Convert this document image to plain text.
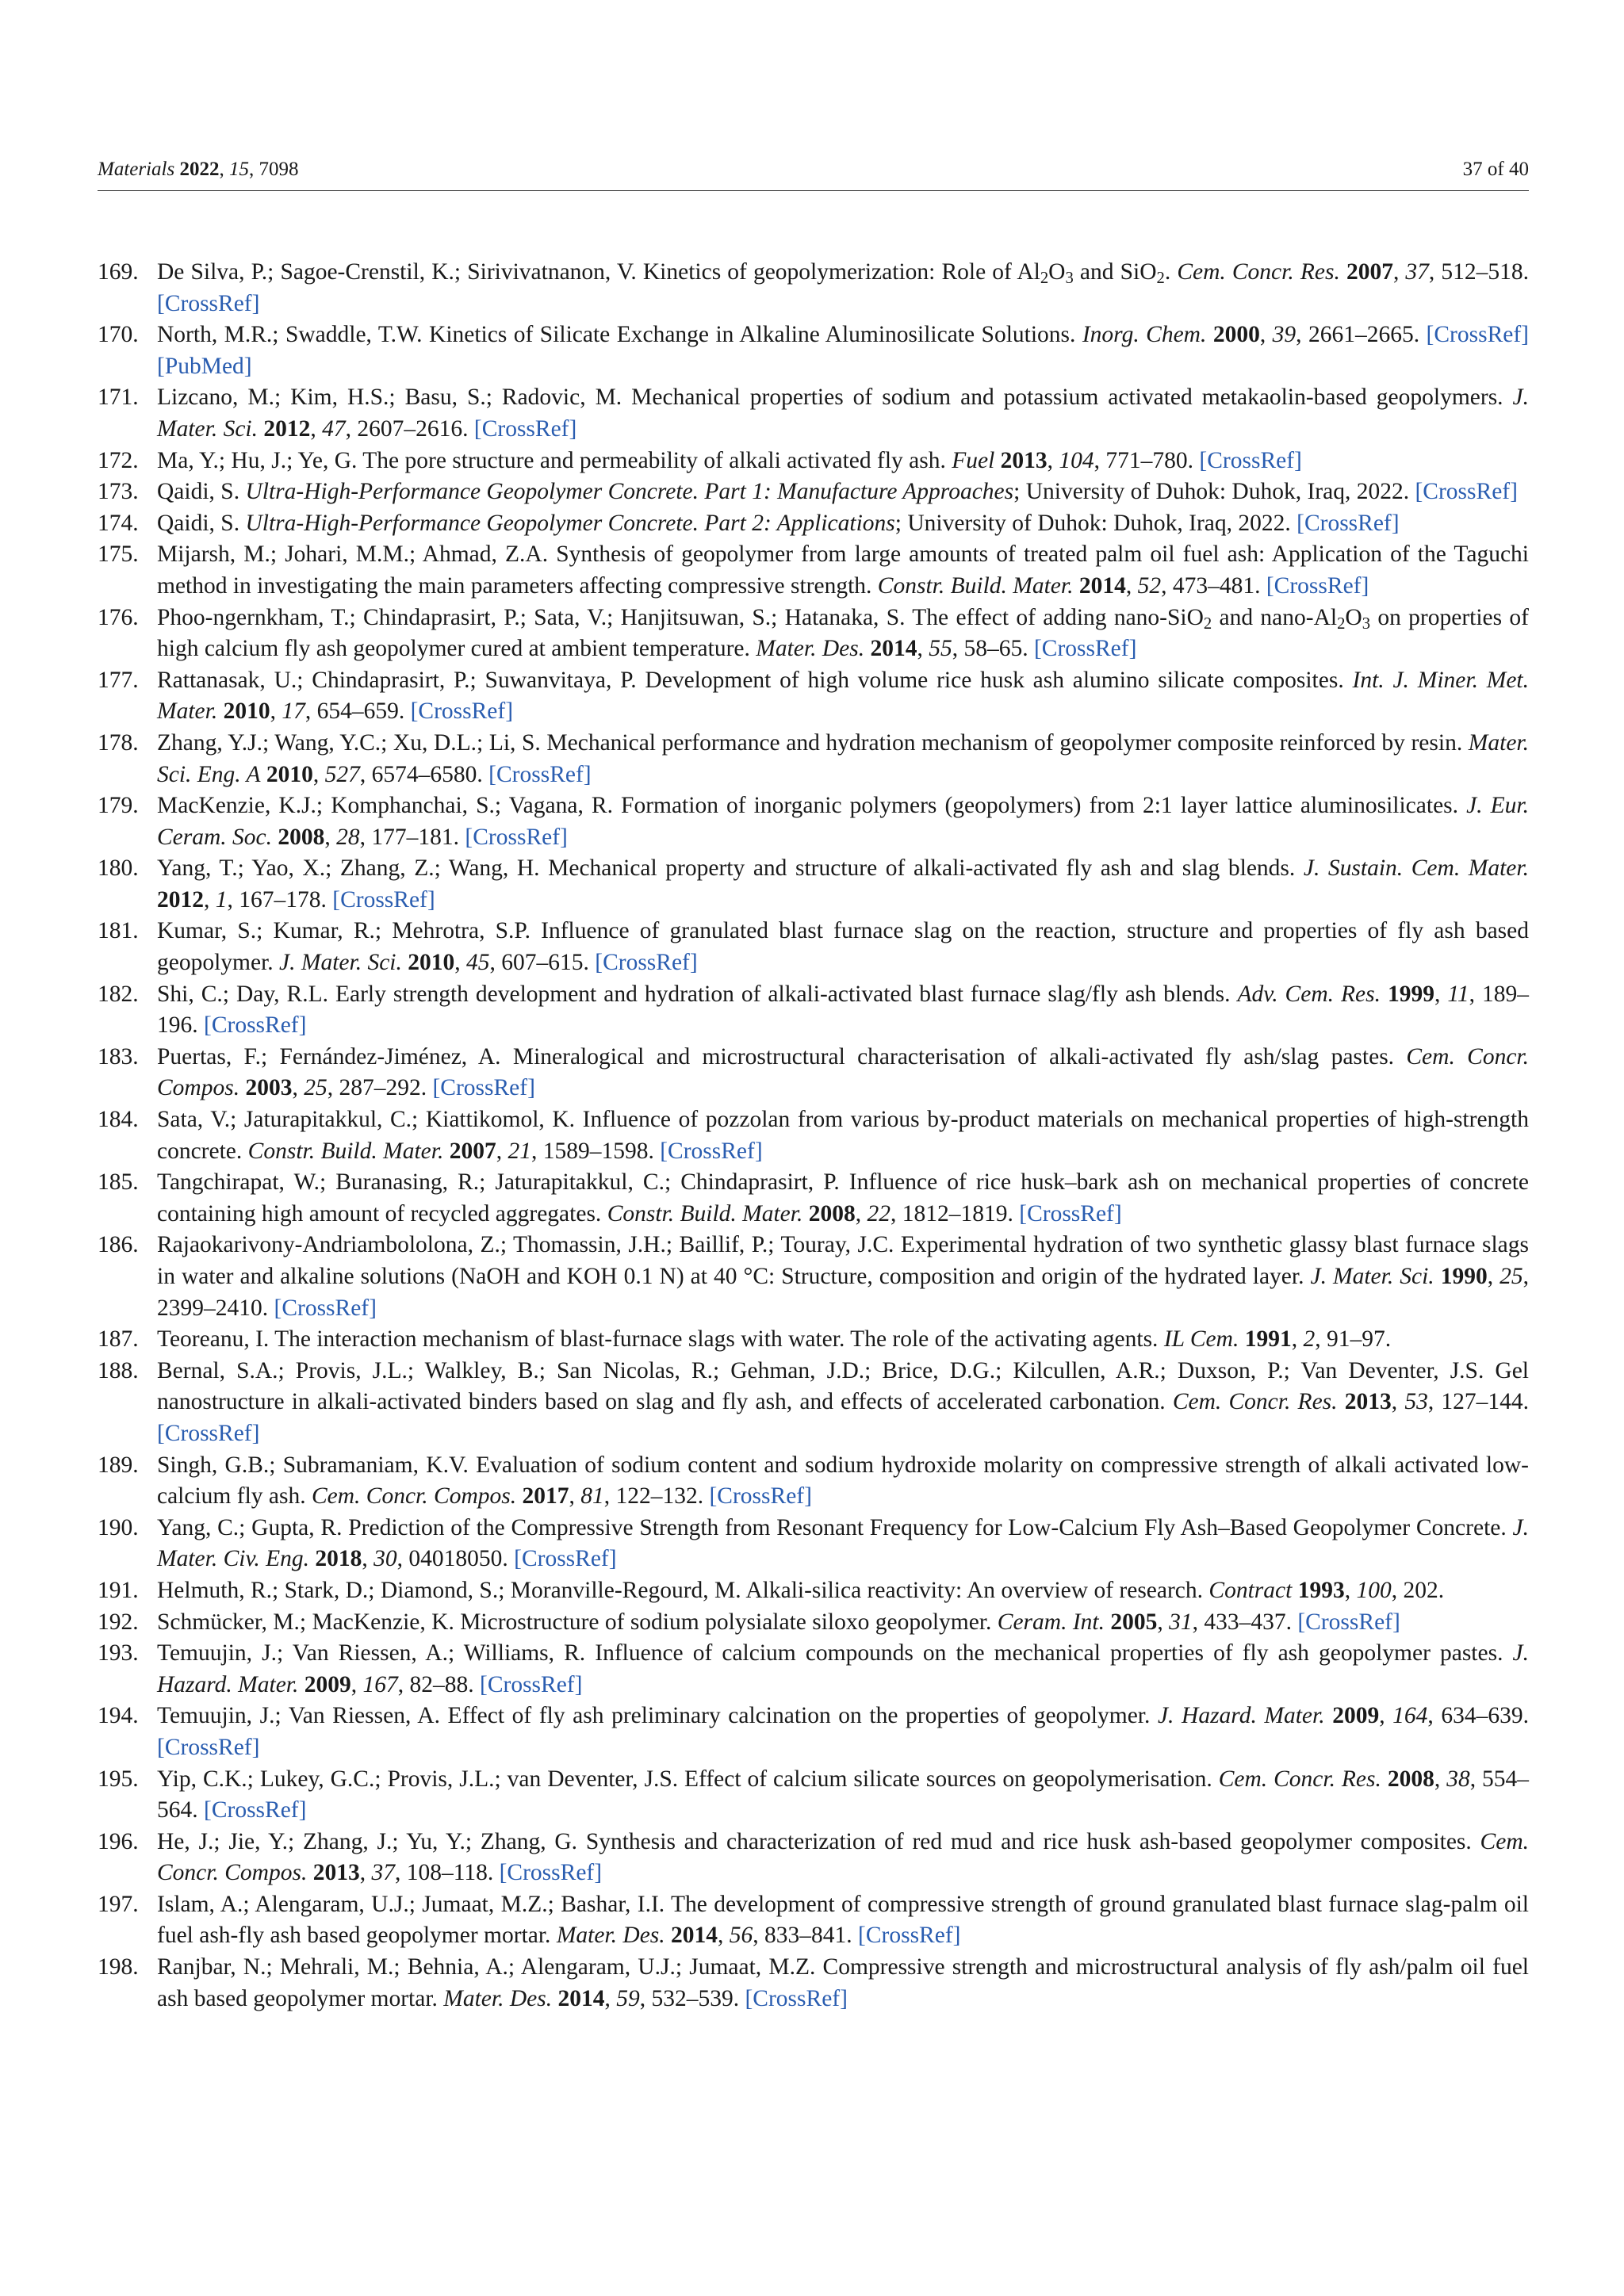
Materials 2022, 15, 7098	37 of 40

169. De Silva, P.; Sagoe-Crenstil, K.; Sirivivatnanon, V. Kinetics of geopolymerization: Role of $Al_2O_3$ and SiO$_2$. Cem. Concr. Res. 2007, 37, 512–518. [CrossRef]

170. North, M.R.; Swaddle, T.W. Kinetics of Silicate Exchange in Alkaline Aluminosilicate Solutions. Inorg. Chem. 2000, 39, 2661–2665. [CrossRef] [PubMed]

171. Lizcano, M.; Kim, H.S.; Basu, S.; Radovic, M. Mechanical properties of sodium and potassium activated metakaolin-based geopolymers. J. Mater. Sci. 2012, 47, 2607–2616. [CrossRef]

172. Ma, Y.; Hu, J.; Ye, G. The pore structure and permeability of alkali activated fly ash. Fuel 2013, 104, 771–780. [CrossRef]

173. Qaidi, S. Ultra-High-Performance Geopolymer Concrete. Part 1: Manufacture Approaches; University of Duhok: Duhok, Iraq, 2022. [CrossRef]

174. Qaidi, S. Ultra-High-Performance Geopolymer Concrete. Part 2: Applications; University of Duhok: Duhok, Iraq, 2022. [CrossRef]

175. Mijarsh, M.; Johari, M.M.; Ahmad, Z.A. Synthesis of geopolymer from large amounts of treated palm oil fuel ash: Application of the Taguchi method in investigating the main parameters affecting compressive strength. Constr. Build. Mater. 2014, 52, 473–481. [CrossRef]

176. Phoo-ngernkham, T.; Chindaprasirt, P.; Sata, V.; Hanjitsuwan, S.; Hatanaka, S. The effect of adding nano-SiO$_2$ and nano-$Al_2O_3$ on properties of high calcium fly ash geopolymer cured at ambient temperature. Mater. Des. 2014, 55, 58–65. [CrossRef]

177. Rattanasak, U.; Chindaprasirt, P.; Suwanvitaya, P. Development of high volume rice husk ash alumino silicate composites. Int. J. Miner. Met. Mater. 2010, 17, 654–659. [CrossRef]

178. Zhang, Y.J.; Wang, Y.C.; Xu, D.L.; Li, S. Mechanical performance and hydration mechanism of geopolymer composite reinforced by resin. Mater. Sci. Eng. A 2010, 527, 6574–6580. [CrossRef]

179. MacKenzie, K.J.; Komphanchai, S.; Vagana, R. Formation of inorganic polymers (geopolymers) from 2:1 layer lattice aluminosilicates. J. Eur. Ceram. Soc. 2008, 28, 177–181. [CrossRef]

180. Yang, T.; Yao, X.; Zhang, Z.; Wang, H. Mechanical property and structure of alkali-activated fly ash and slag blends. J. Sustain. Cem. Mater. 2012, 1, 167–178. [CrossRef]

181. Kumar, S.; Kumar, R.; Mehrotra, S.P. Influence of granulated blast furnace slag on the reaction, structure and properties of fly ash based geopolymer. J. Mater. Sci. 2010, 45, 607–615. [CrossRef]

182. Shi, C.; Day, R.L. Early strength development and hydration of alkali-activated blast furnace slag/fly ash blends. Adv. Cem. Res. 1999, 11, 189–196. [CrossRef]

183. Puertas, F.; Fernández-Jiménez, A. Mineralogical and microstructural characterisation of alkali-activated fly ash/slag pastes. Cem. Concr. Compos. 2003, 25, 287–292. [CrossRef]

184. Sata, V.; Jaturapitakkul, C.; Kiattikomol, K. Influence of pozzolan from various by-product materials on mechanical properties of high-strength concrete. Constr. Build. Mater. 2007, 21, 1589–1598. [CrossRef]

185. Tangchirapat, W.; Buranasing, R.; Jaturapitakkul, C.; Chindaprasirt, P. Influence of rice husk–bark ash on mechanical properties of concrete containing high amount of recycled aggregates. Constr. Build. Mater. 2008, 22, 1812–1819. [CrossRef]

186. Rajaokarivony-Andriambololona, Z.; Thomassin, J.H.; Baillif, P.; Touray, J.C. Experimental hydration of two synthetic glassy blast furnace slags in water and alkaline solutions (NaOH and KOH 0.1 N) at 40 °C: Structure, composition and origin of the hydrated layer. J. Mater. Sci. 1990, 25, 2399–2410. [CrossRef]

187. Teoreanu, I. The interaction mechanism of blast-furnace slags with water. The role of the activating agents. IL Cem. 1991, 2, 91–97.

188. Bernal, S.A.; Provis, J.L.; Walkley, B.; San Nicolas, R.; Gehman, J.D.; Brice, D.G.; Kilcullen, A.R.; Duxson, P.; Van Deventer, J.S. Gel nanostructure in alkali-activated binders based on slag and fly ash, and effects of accelerated carbonation. Cem. Concr. Res. 2013, 53, 127–144. [CrossRef]

189. Singh, G.B.; Subramaniam, K.V. Evaluation of sodium content and sodium hydroxide molarity on compressive strength of alkali activated low-calcium fly ash. Cem. Concr. Compos. 2017, 81, 122–132. [CrossRef]

190. Yang, C.; Gupta, R. Prediction of the Compressive Strength from Resonant Frequency for Low-Calcium Fly Ash–Based Geopolymer Concrete. J. Mater. Civ. Eng. 2018, 30, 04018050. [CrossRef]

191. Helmuth, R.; Stark, D.; Diamond, S.; Moranville-Regourd, M. Alkali-silica reactivity: An overview of research. Contract 1993, 100, 202.

192. Schmücker, M.; MacKenzie, K. Microstructure of sodium polysialate siloxo geopolymer. Ceram. Int. 2005, 31, 433–437. [CrossRef]

193. Temuujin, J.; Van Riessen, A.; Williams, R. Influence of calcium compounds on the mechanical properties of fly ash geopolymer pastes. J. Hazard. Mater. 2009, 167, 82–88. [CrossRef]

194. Temuujin, J.; Van Riessen, A. Effect of fly ash preliminary calcination on the properties of geopolymer. J. Hazard. Mater. 2009, 164, 634–639. [CrossRef]

195. Yip, C.K.; Lukey, G.C.; Provis, J.L.; van Deventer, J.S. Effect of calcium silicate sources on geopolymerisation. Cem. Concr. Res. 2008, 38, 554–564. [CrossRef]

196. He, J.; Jie, Y.; Zhang, J.; Yu, Y.; Zhang, G. Synthesis and characterization of red mud and rice husk ash-based geopolymer composites. Cem. Concr. Compos. 2013, 37, 108–118. [CrossRef]

197. Islam, A.; Alengaram, U.J.; Jumaat, M.Z.; Bashar, I.I. The development of compressive strength of ground granulated blast furnace slag-palm oil fuel ash-fly ash based geopolymer mortar. Mater. Des. 2014, 56, 833–841. [CrossRef]

198. Ranjbar, N.; Mehrali, M.; Behnia, A.; Alengaram, U.J.; Jumaat, M.Z. Compressive strength and microstructural analysis of fly ash/palm oil fuel ash based geopolymer mortar. Mater. Des. 2014, 59, 532–539. [CrossRef]
